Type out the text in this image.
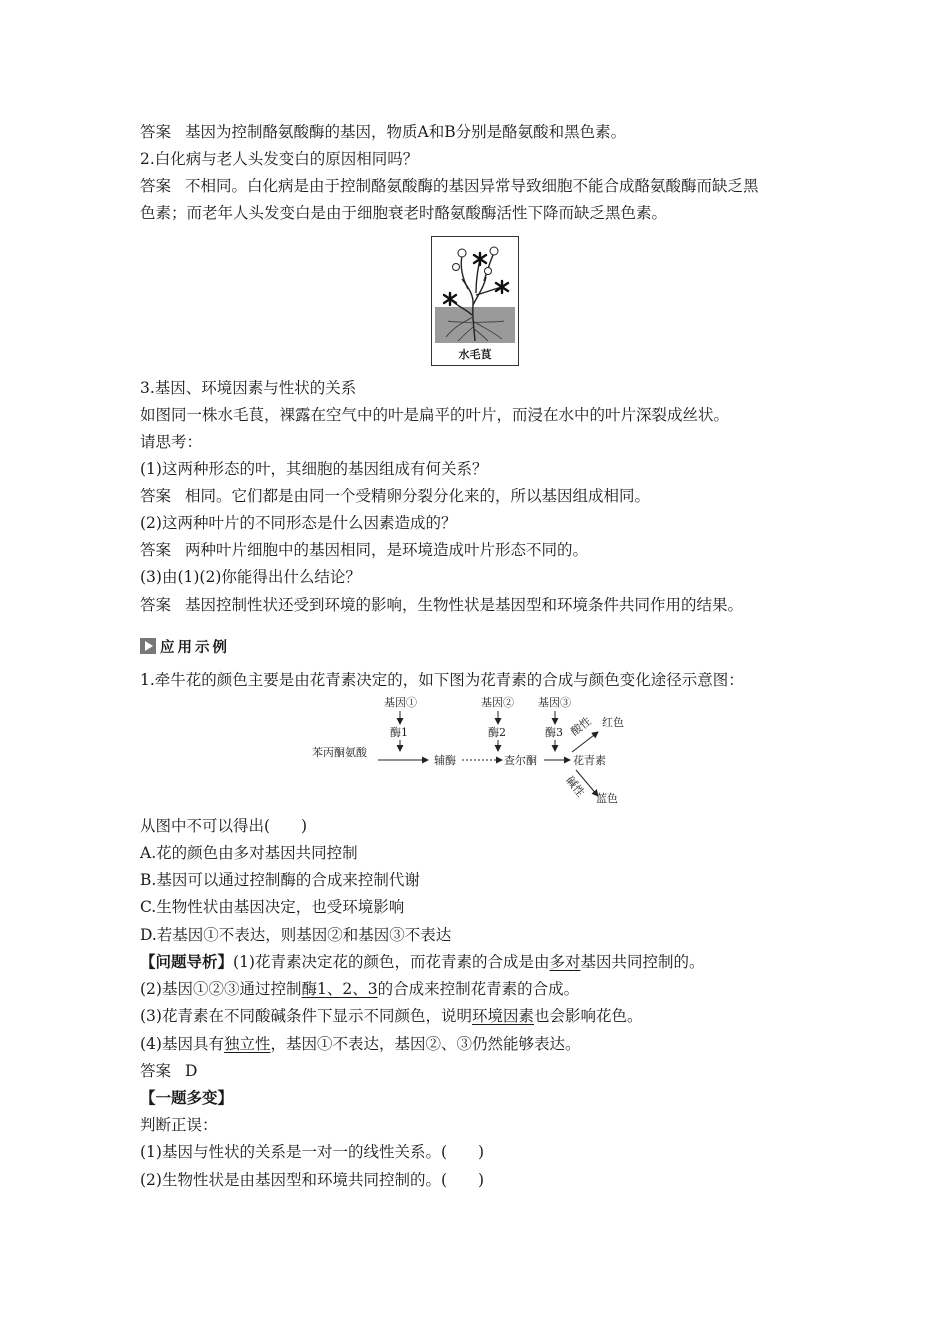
答案 基因为控制酪氨酸酶的基因，物质A和B分别是酪氨酸和黑色素。
2.白化病与老人头发变白的原因相同吗？
答案 不相同。白化病是由于控制酪氨酸酶的基因异常导致细胞不能合成酪氨酸酶而缺乏黑
色素；而老年人头发变白是由于细胞衰老时酪氨酸酶活性下降而缺乏黑色素。
水毛茛
3.基因、环境因素与性状的关系
如图同一株水毛茛，裸露在空气中的叶是扁平的叶片，而浸在水中的叶片深裂成丝状。
请思考：
(1)这两种形态的叶，其细胞的基因组成有何关系？
答案 相同。它们都是由同一个受精卵分裂分化来的，所以基因组成相同。
(2)这两种叶片的不同形态是什么因素造成的？
答案 两种叶片细胞中的基因相同，是环境造成叶片形态不同的。
(3)由(1)(2)你能得出什么结论？
答案 基因控制性状还受到环境的影响，生物性状是基因型和环境条件共同作用的结果。
应用示例
1.牵牛花的颜色主要是由花青素决定的，如下图为花青素的合成与颜色变化途径示意图：
基因①	基因② 基因③
酶1	酶2	酶3
苯丙酮氨酸
辅酶	查尔酮	花青素
酸性 红色
碱性 蓝色
从图中不可以得出(　　)
A.花的颜色由多对基因共同控制
B.基因可以通过控制酶的合成来控制代谢
C.生物性状由基因决定，也受环境影响
D.若基因①不表达，则基因②和基因③不表达
【问题导析】(1)花青素决定花的颜色，而花青素的合成是由多对基因共同控制的。
(2)基因①②③通过控制酶1、2、3的合成来控制花青素的合成。
(3)花青素在不同酸碱条件下显示不同颜色，说明环境因素也会影响花色。
(4)基因具有独立性，基因①不表达，基因②、③仍然能够表达。
答案 D
【一题多变】
判断正误：
(1)基因与性状的关系是一对一的线性关系。(　　)
(2)生物性状是由基因型和环境共同控制的。(　　)
